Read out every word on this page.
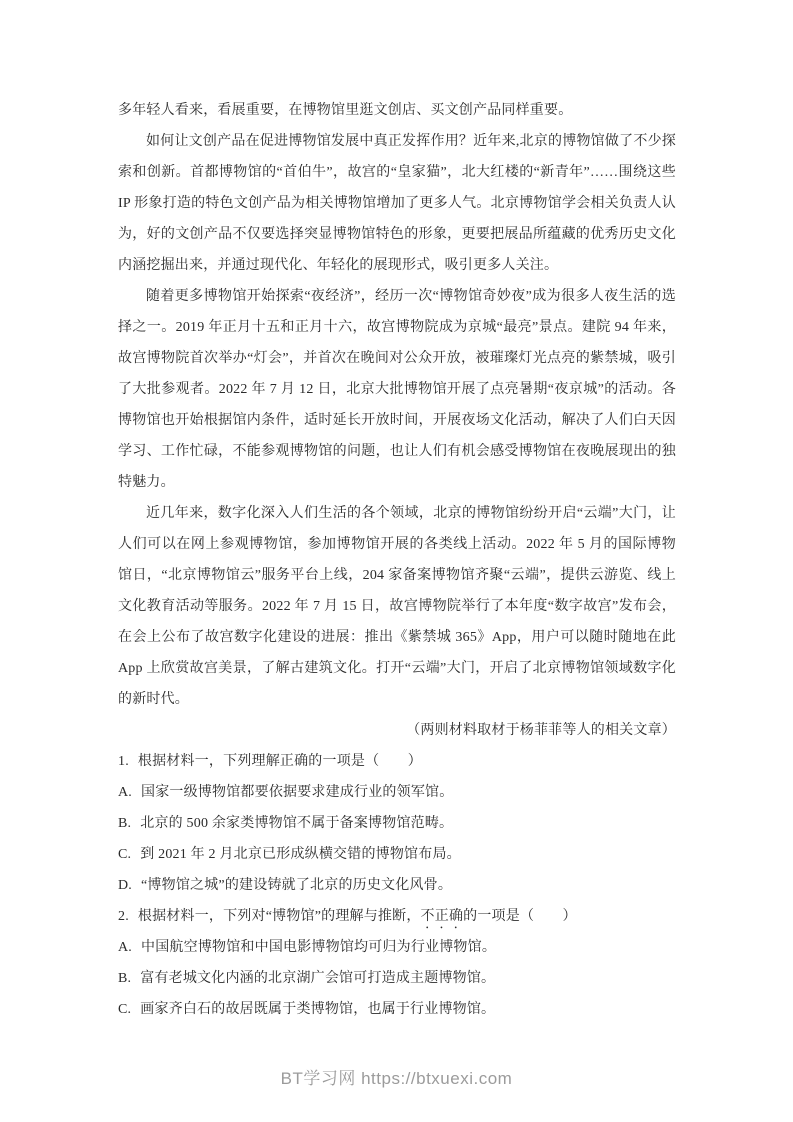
多年轻人看来，看展重要，在博物馆里逛文创店、买文创产品同样重要。

如何让文创产品在促进博物馆发展中真正发挥作用？近年来,北京的博物馆做了不少探索和创新。首都博物馆的“首伯牛”，故宫的“皇家猫”，北大红楼的“新青年”……围绕这些 IP 形象打造的特色文创产品为相关博物馆增加了更多人气。北京博物馆学会相关负责人认为，好的文创产品不仅要选择突显博物馆特色的形象，更要把展品所蕴藏的优秀历史文化内涵挖掘出来，并通过现代化、年轻化的展现形式，吸引更多人关注。

随着更多博物馆开始探索“夜经济”，经历一次“博物馆奇妙夜”成为很多人夜生活的选择之一。2019 年正月十五和正月十六，故宫博物院成为京城“最亮”景点。建院 94 年来，故宫博物院首次举办“灯会”，并首次在晚间对公众开放，被璀璨灯光点亮的紫禁城，吸引了大批参观者。2022 年 7 月 12 日，北京大批博物馆开展了点亮暑期“夜京城”的活动。各博物馆也开始根据馆内条件，适时延长开放时间，开展夜场文化活动，解决了人们白天因学习、工作忙碌，不能参观博物馆的问题，也让人们有机会感受博物馆在夜晚展现出的独特魅力。

近几年来，数字化深入人们生活的各个领域，北京的博物馆纷纷开启“云端”大门，让人们可以在网上参观博物馆，参加博物馆开展的各类线上活动。2022 年 5 月的国际博物馆日，“北京博物馆云”服务平台上线，204 家备案博物馆齐聚“云端”，提供云游览、线上文化教育活动等服务。2022 年 7 月 15 日，故宫博物院举行了本年度“数字故宫”发布会，在会上公布了故宫数字化建设的进展：推出《紫禁城 365》App，用户可以随时随地在此 App 上欣赏故宫美景，了解古建筑文化。打开“云端”大门，开启了北京博物馆领域数字化的新时代。

（两则材料取材于杨菲菲等人的相关文章）

1. 根据材料一，下列理解正确的一项是（　　）

A. 国家一级博物馆都要依据要求建成行业的领军馆。

B. 北京的 500 余家类博物馆不属于备案博物馆范畴。

C. 到 2021 年 2 月北京已形成纵横交错的博物馆布局。

D. “博物馆之城”的建设铸就了北京的历史文化风骨。

2. 根据材料一，下列对“博物馆”的理解与推断，不正确的一项是（　　）

A. 中国航空博物馆和中国电影博物馆均可归为行业博物馆。

B. 富有老城文化内涵的北京湖广会馆可打造成主题博物馆。

C. 画家齐白石的故居既属于类博物馆，也属于行业博物馆。

BT学习网 https://btxuexi.com
